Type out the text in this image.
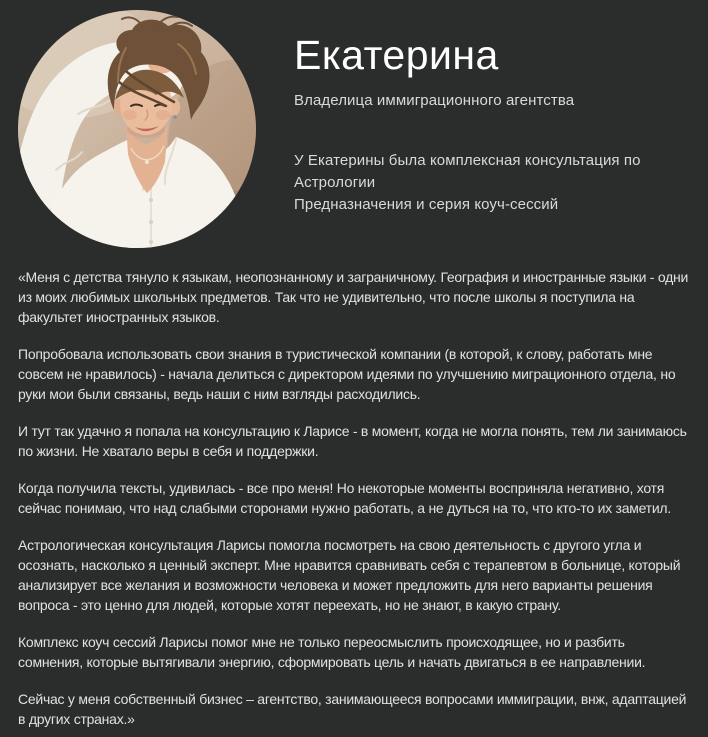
Екатерина
Владелица иммиграционного агентства
У Екатерины была комплексная консультация по Астрологии
Предназначения и серия коуч-сессий

«Меня с детства тянуло к языкам, неопознанному и заграничному. География и иностранные языки - одни из моих любимых школьных предметов. Так что не удивительно, что после школы я поступила на факультет иностранных языков.

Попробовала использовать свои знания в туристической компании (в которой, к слову, работать мне совсем не нравилось) - начала делиться с директором идеями по улучшению миграционного отдела, но руки мои были связаны, ведь наши с ним взгляды расходились.

И тут так удачно я попала на консультацию к Ларисе - в момент, когда не могла понять, тем ли занимаюсь по жизни. Не хватало веры в себя и поддержки.

Когда получила тексты, удивилась - все про меня! Но некоторые моменты восприняла негативно, хотя сейчас понимаю, что над слабыми сторонами нужно работать, а не дуться на то, что кто-то их заметил.

Астрологическая консультация Ларисы помогла посмотреть на свою деятельность с другого угла и осознать, насколько я ценный эксперт. Мне нравится сравнивать себя с терапевтом в больнице, который анализирует все желания и возможности человека и может предложить для него варианты решения вопроса - это ценно для людей, которые хотят переехать, но не знают, в какую страну.

Комплекс коуч сессий Ларисы помог мне не только переосмыслить происходящее, но и разбить сомнения, которые вытягивали энергию, сформировать цель и начать двигаться в ее направлении.

Сейчас у меня собственный бизнес – агентство, занимающееся вопросами иммиграции, внж, адаптацией в других странах.»
